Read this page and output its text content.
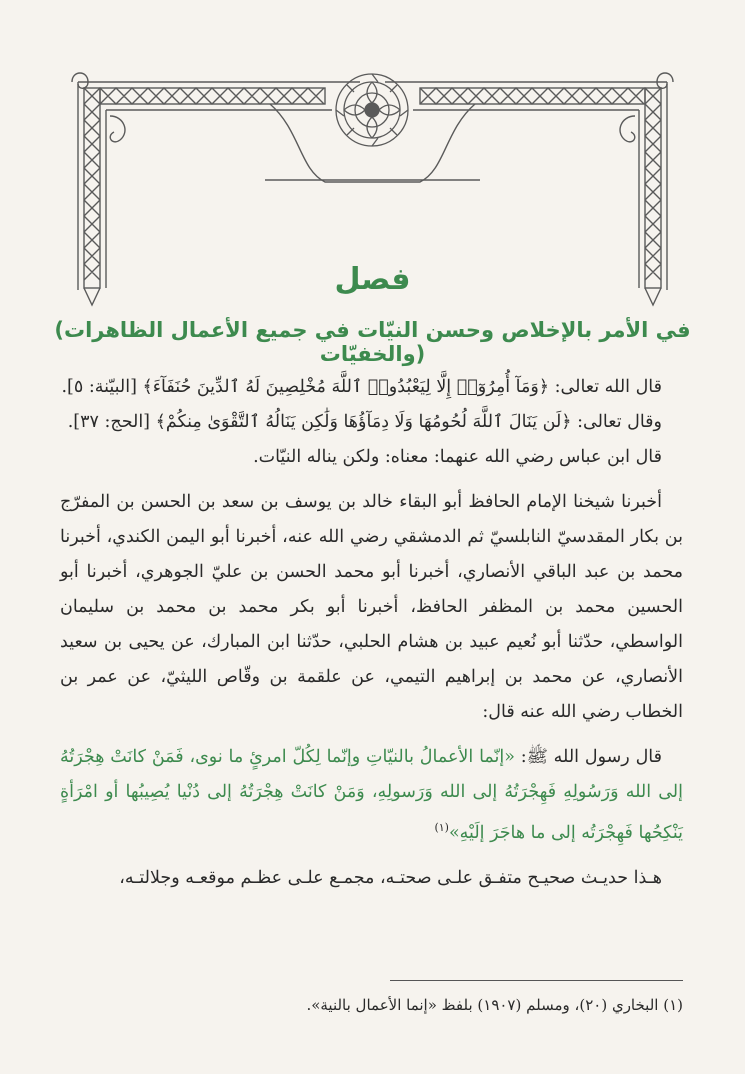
فصل
(في الأمر بالإخلاص وحسن النيّات في جميع الأعمال الظاهرات والخفيّات)

قال الله تعالى: ﴿وَمَآ أُمِرُوٓا۟ إِلَّا لِيَعْبُدُوا۟ ٱللَّهَ مُخْلِصِينَ لَهُ ٱلدِّينَ حُنَفَآءَ﴾ [البيّنة: ٥].

وقال تعالى: ﴿لَن يَنَالَ ٱللَّهَ لُحُومُهَا وَلَا دِمَآؤُهَا وَلَٰكِن يَنَالُهُ ٱلتَّقْوَىٰ مِنكُمْ﴾ [الحج: ٣٧].

قال ابن عباس رضي الله عنهما: معناه: ولكن يناله النيّات.

أخبرنا شيخنا الإمام الحافظ أبو البقاء خالد بن يوسف بن سعد بن الحسن بن المفرّج بن بكار المقدسيّ النابلسيّ ثم الدمشقي رضي الله عنه، أخبرنا أبو اليمن الكندي، أخبرنا محمد بن عبد الباقي الأنصاري، أخبرنا أبو محمد الحسن بن عليّ الجوهري، أخبرنا أبو الحسين محمد بن المظفر الحافظ، أخبرنا أبو بكر محمد بن محمد بن سليمان الواسطي، حدّثنا أبو نُعيم عبيد بن هشام الحلبي، حدّثنا ابن المبارك، عن يحيى بن سعيد الأنصاري، عن محمد بن إبراهيم التيمي، عن علقمة بن وقّاص الليثيّ، عن عمر بن الخطاب رضي الله عنه قال:

قال رسول الله ﷺ: «إنّما الأعمالُ بالنيّاتِ وإنّما لِكُلّ امرئٍ ما نوى، فَمَنْ كانَتْ هِجْرَتُهُ إلى الله وَرَسُولِهِ فَهِجْرَتُهُ إلى الله وَرَسولِهِ، وَمَنْ كانَتْ هِجْرَتُهُ إلى دُنْيا يُصِيبُها أو امْرَأةٍ يَنْكِحُها فَهِجْرَتُه إلى ما هاجَرَ إلَيْهِ»$^{(١)}$

هـذا حديـث صحيـح متفـق علـى صحتـه، مجمـع علـى عظـم موقعـه وجلالتـه،

(١) البخاري (٢٠)، ومسلم (١٩٠٧) بلفظ «إنما الأعمال بالنية».
